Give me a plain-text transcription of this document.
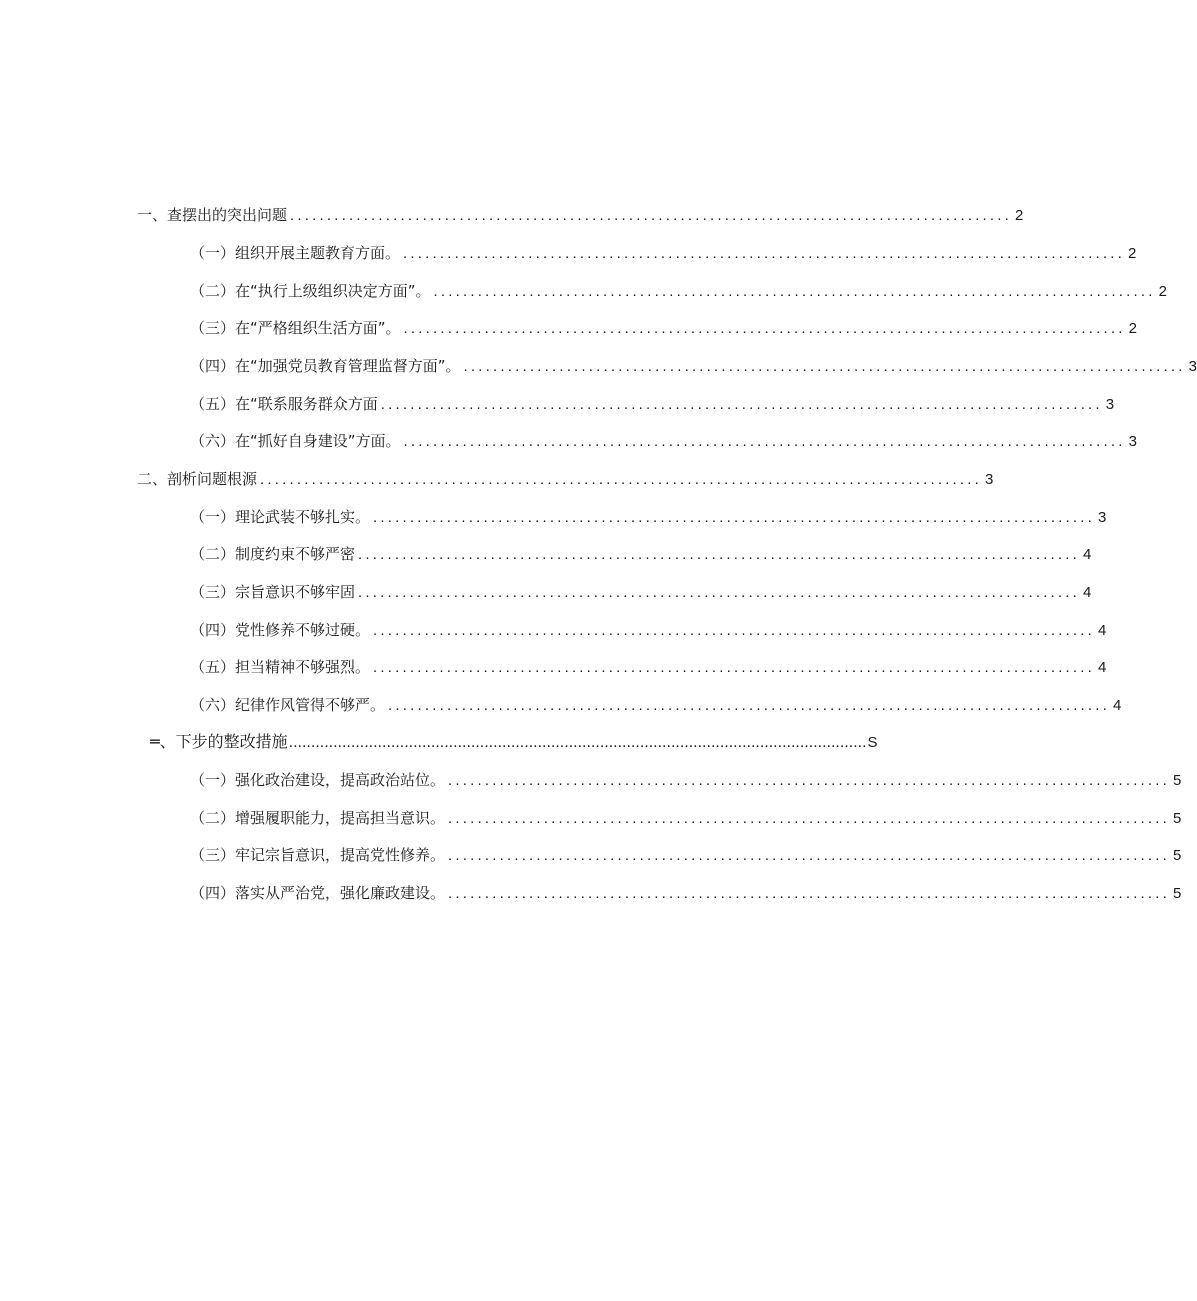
一、查摆出的突出问题 .................................................................................................. 2
（一）组织开展主题教育方面。 .................................................................................................. 2
（二）在“执行上级组织决定方面”。 .................................................................................................. 2
（三）在“严格组织生活方面”。 .................................................................................................. 2
（四）在“加强党员教育管理监督方面”。 .................................................................................................. 3
（五）在“联系服务群众方面 .................................................................................................. 3
（六）在“抓好自身建设”方面。 .................................................................................................. 3
二、剖析问题根源 .................................................................................................. 3
（一）理论武装不够扎实。 .................................................................................................. 3
（二）制度约束不够严密 .................................................................................................. 4
（三）宗旨意识不够牢固 .................................................................................................. 4
（四）党性修养不够过硬。 .................................................................................................. 4
（五）担当精神不够强烈。 .................................................................................................. 4
（六）纪律作风管得不够严。 .................................................................................................. 4
═、下步的整改措施 .................................................................................................................................. S
（一）强化政治建设，提高政治站位。 .................................................................................................. 5
（二）增强履职能力，提高担当意识。 .................................................................................................. 5
（三）牢记宗旨意识，提高党性修养。 .................................................................................................. 5
（四）落实从严治党，强化廉政建设。 .................................................................................................. 5
